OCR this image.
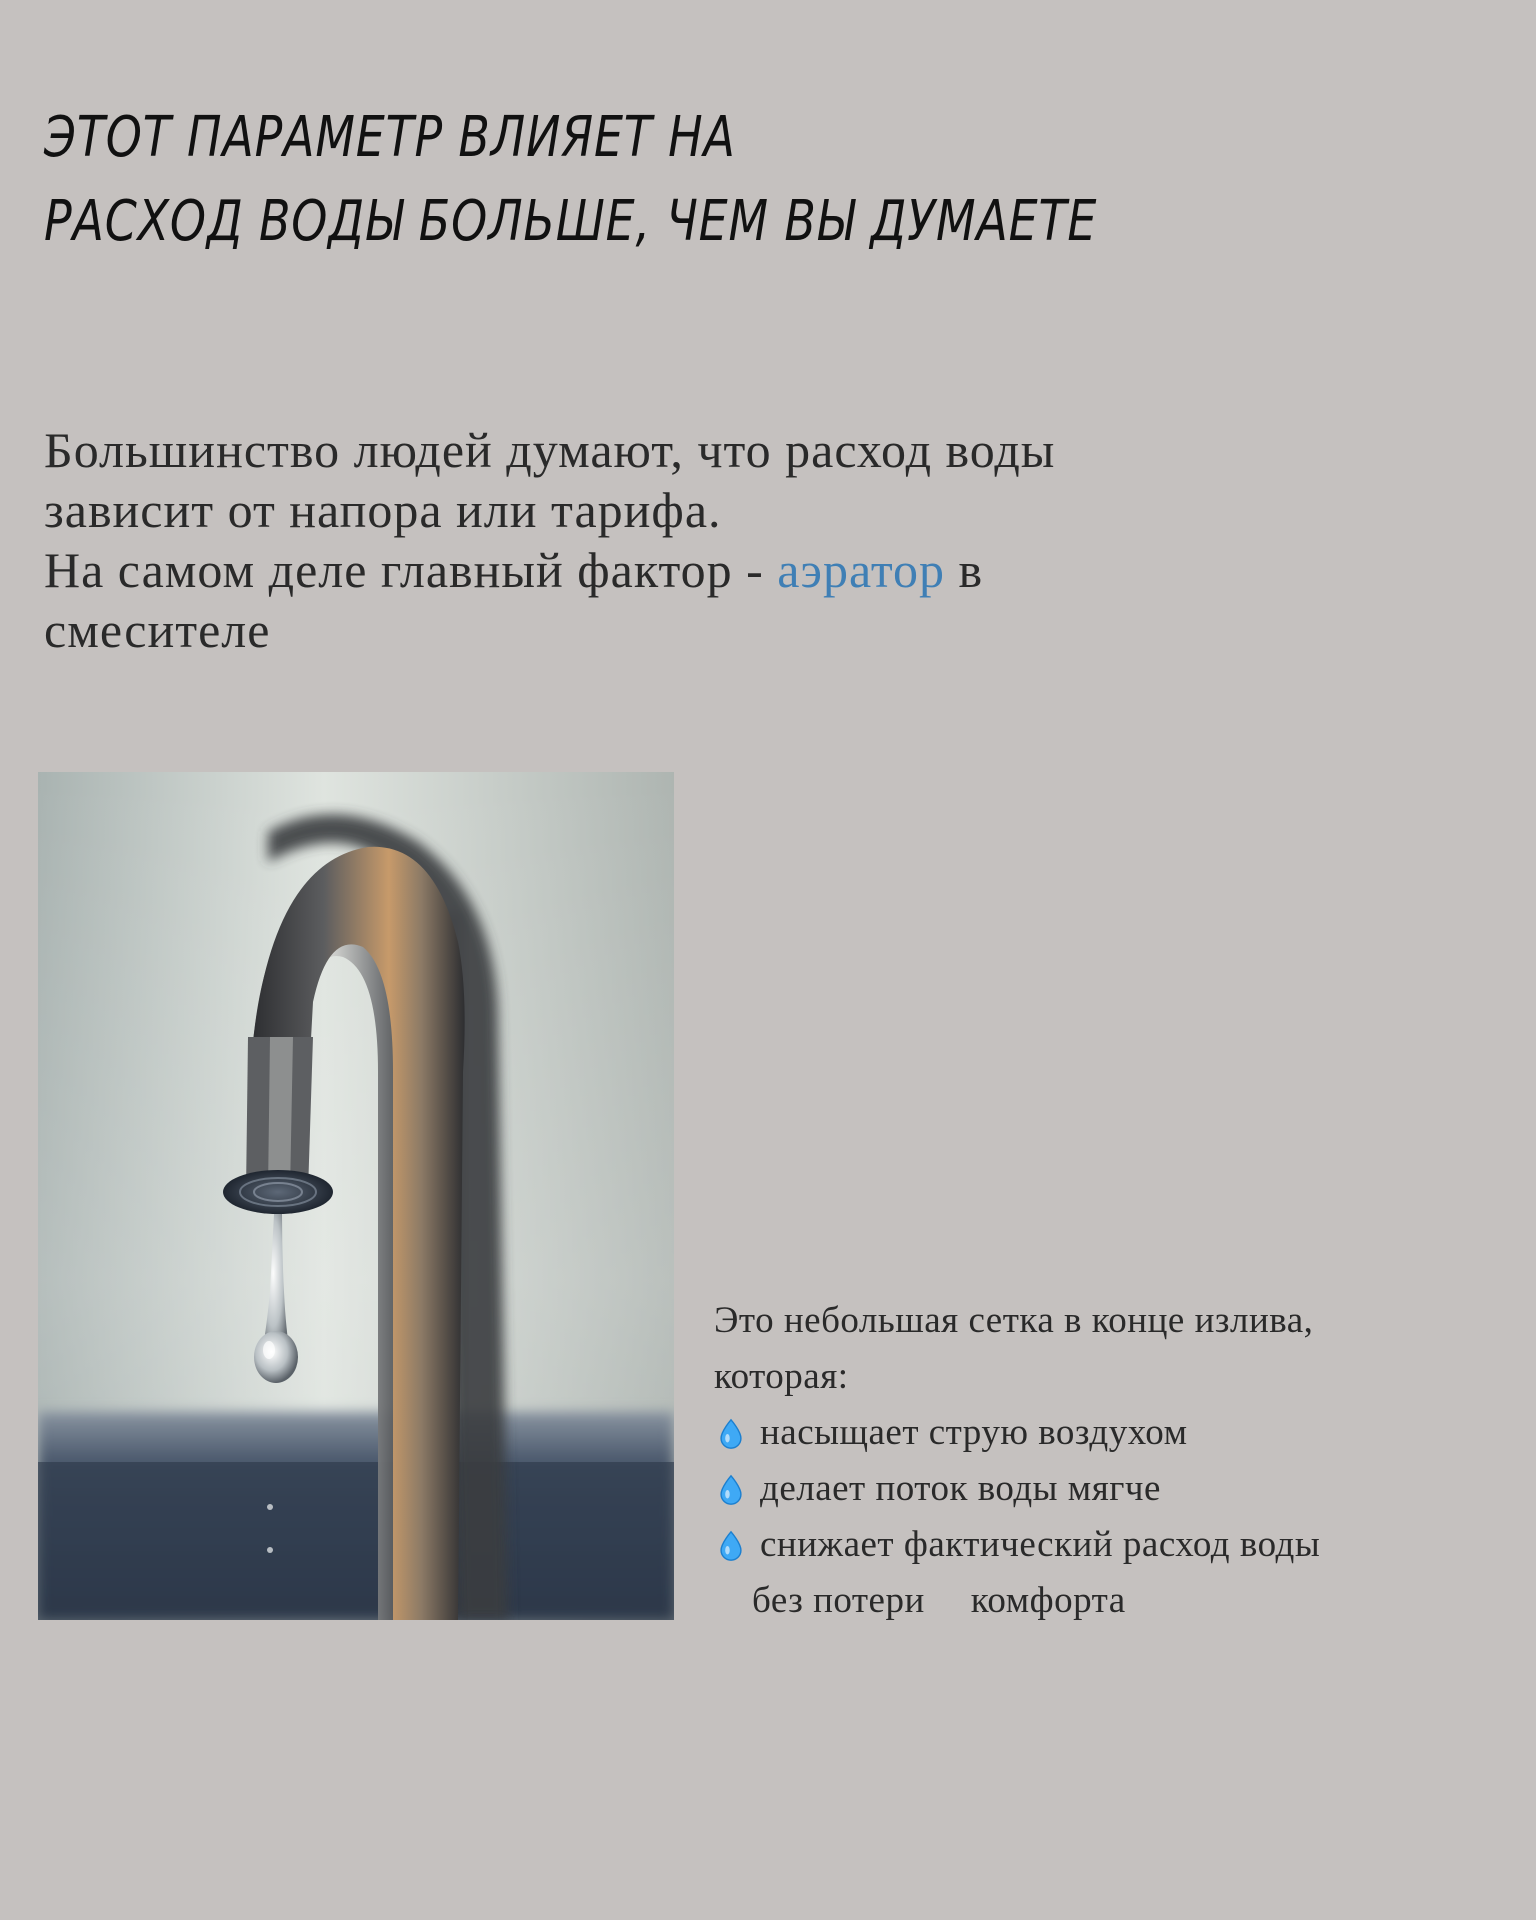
ЭТОТ ПАРАМЕТР ВЛИЯЕТ НА
РАСХОД ВОДЫ БОЛЬШЕ, ЧЕМ ВЫ ДУМАЕТЕ

Большинство людей думают, что расход воды

зависит от напора или тарифа.

На самом деле главный фактор - аэратор в

смесителе

Это небольшая сетка в конце излива,

которая:

насыщает струю воздухом
делает поток воды мягче
снижает фактический расход воды
без потери комфорта
